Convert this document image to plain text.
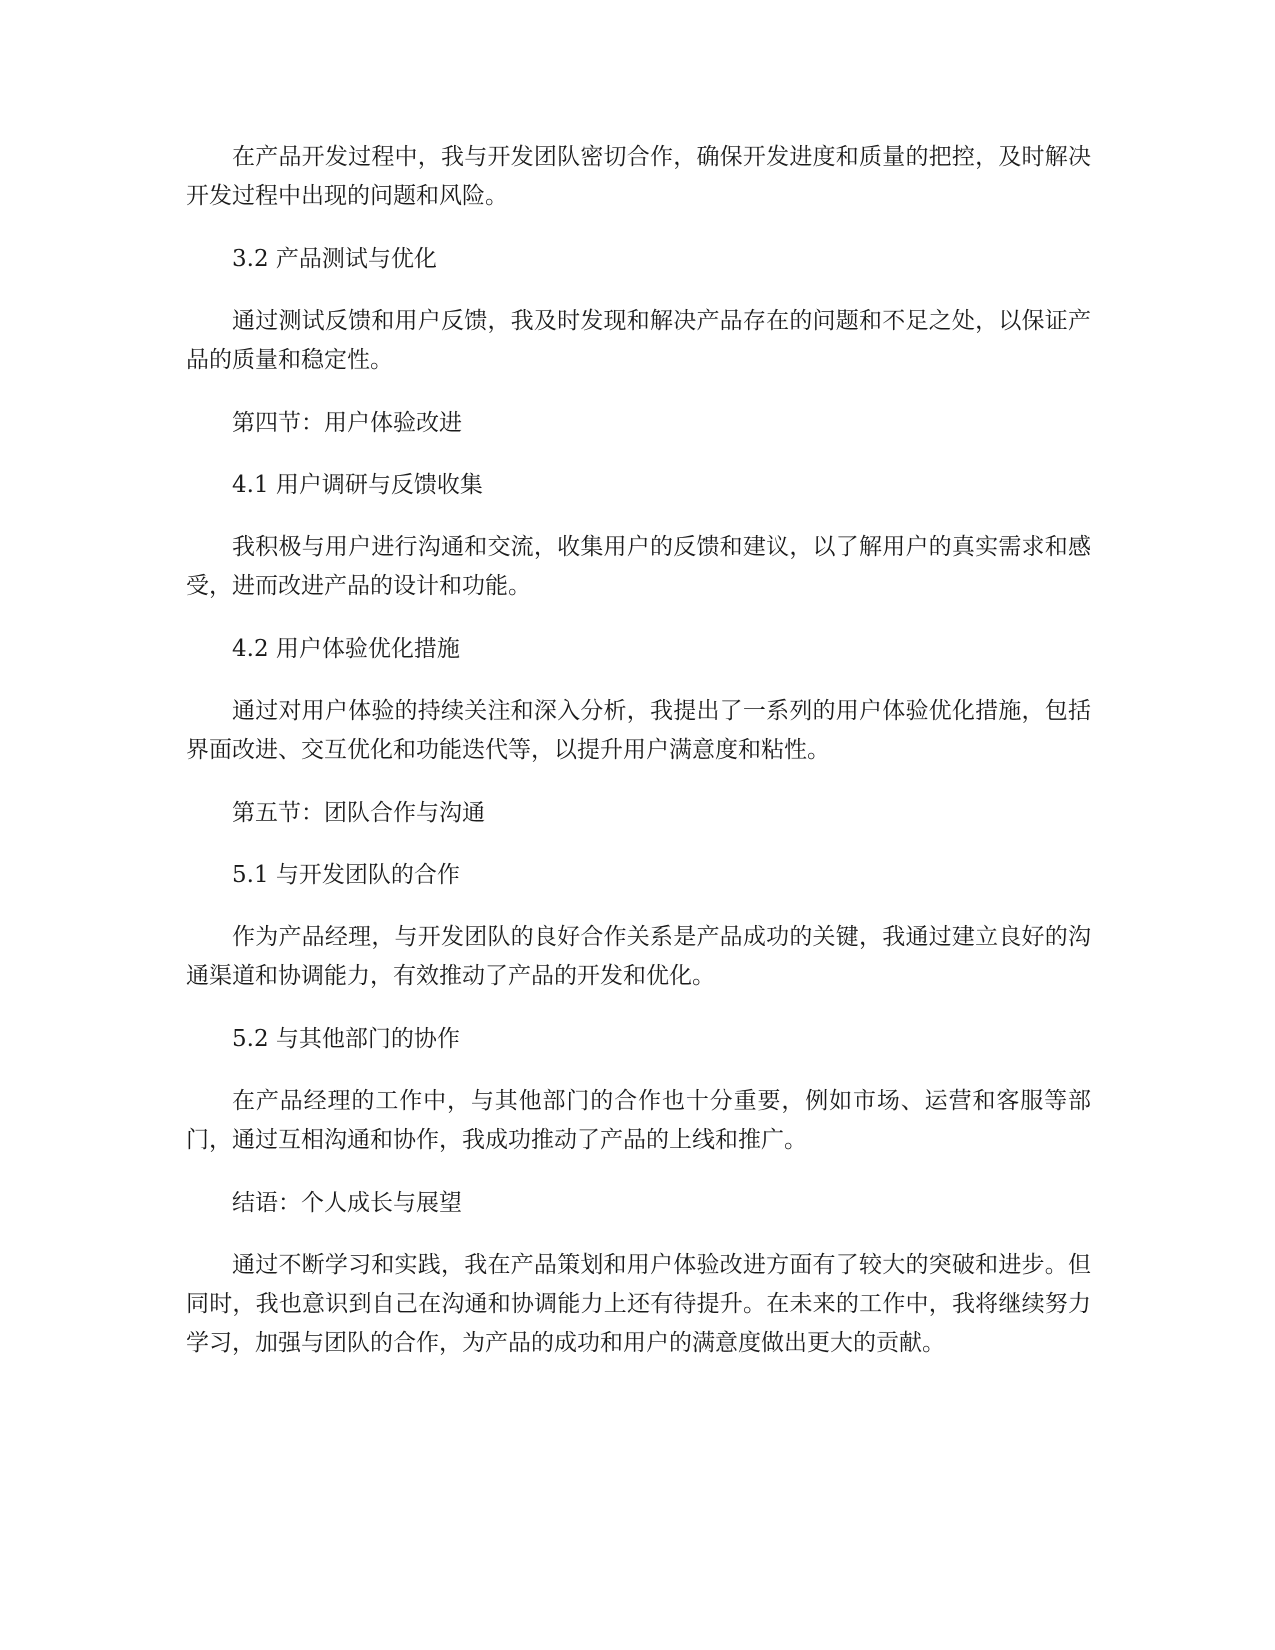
在产品开发过程中，我与开发团队密切合作，确保开发进度和质量的把控，及时解决开发过程中出现的问题和风险。

3.2 产品测试与优化

通过测试反馈和用户反馈，我及时发现和解决产品存在的问题和不足之处，以保证产品的质量和稳定性。

第四节：用户体验改进

4.1 用户调研与反馈收集

我积极与用户进行沟通和交流，收集用户的反馈和建议，以了解用户的真实需求和感受，进而改进产品的设计和功能。

4.2 用户体验优化措施

通过对用户体验的持续关注和深入分析，我提出了一系列的用户体验优化措施，包括界面改进、交互优化和功能迭代等，以提升用户满意度和粘性。

第五节：团队合作与沟通

5.1 与开发团队的合作

作为产品经理，与开发团队的良好合作关系是产品成功的关键，我通过建立良好的沟通渠道和协调能力，有效推动了产品的开发和优化。

5.2 与其他部门的协作

在产品经理的工作中，与其他部门的合作也十分重要，例如市场、运营和客服等部门，通过互相沟通和协作，我成功推动了产品的上线和推广。

结语：个人成长与展望

通过不断学习和实践，我在产品策划和用户体验改进方面有了较大的突破和进步。但同时，我也意识到自己在沟通和协调能力上还有待提升。在未来的工作中，我将继续努力学习，加强与团队的合作，为产品的成功和用户的满意度做出更大的贡献。
